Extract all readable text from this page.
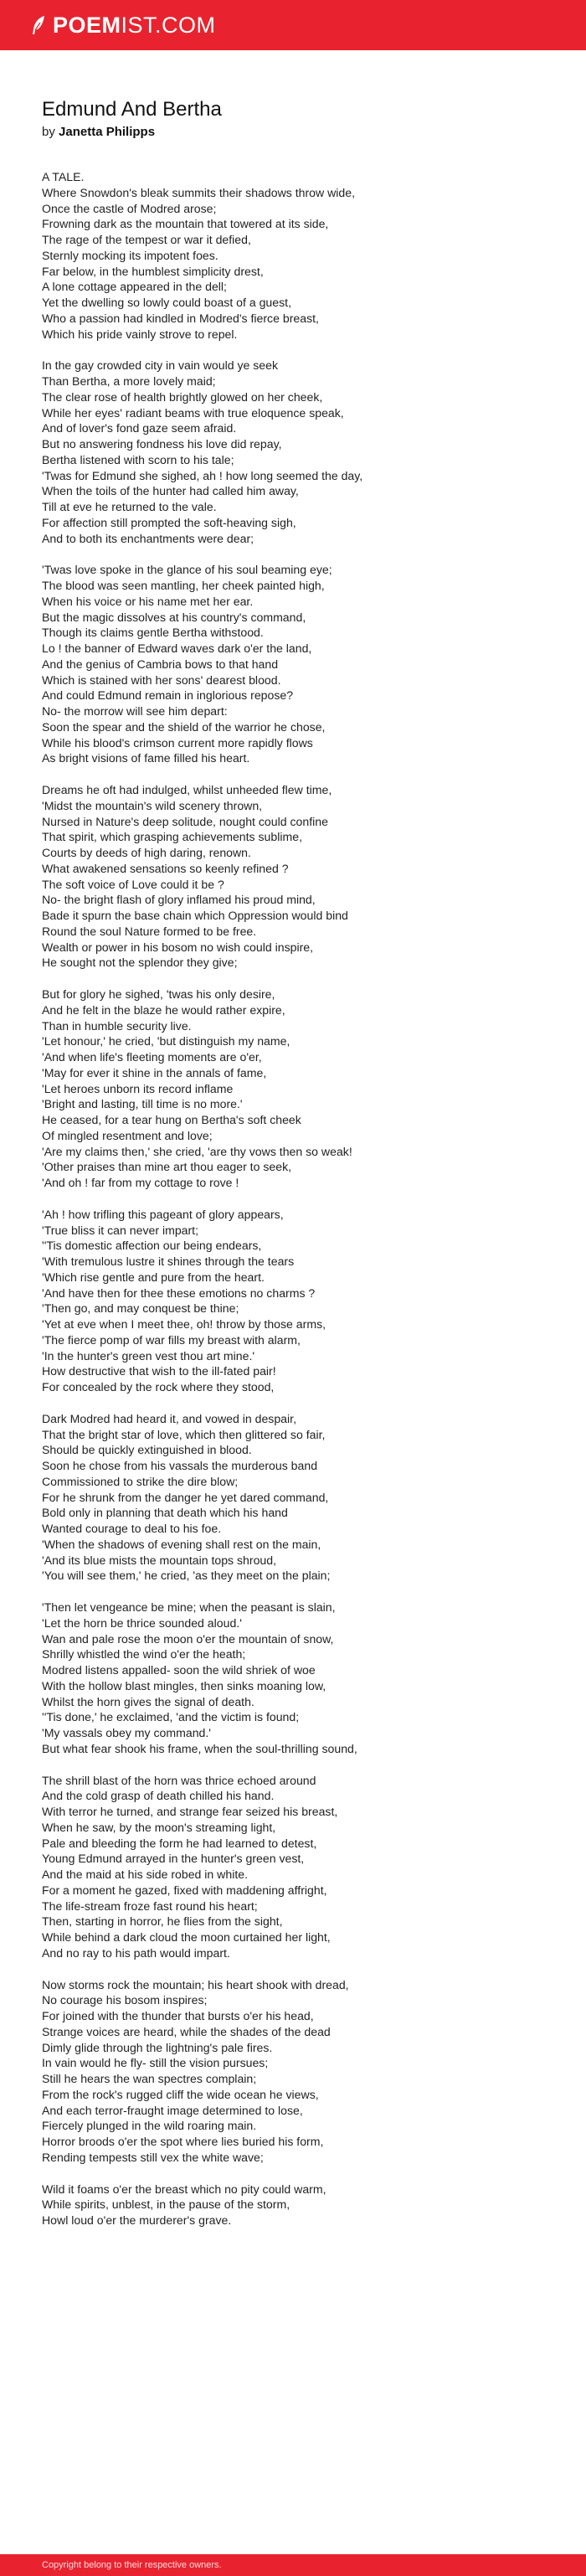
POEMIST.COM
Edmund And Bertha
by Janetta Philipps
A TALE.
Where Snowdon's bleak summits their shadows throw wide,
Once the castle of Modred arose;
Frowning dark as the mountain that towered at its side,
The rage of the tempest or war it defied,
Sternly mocking its impotent foes.
Far below, in the humblest simplicity drest,
A lone cottage appeared in the dell;
Yet the dwelling so lowly could boast of a guest,
Who a passion had kindled in Modred's fierce breast,
Which his pride vainly strove to repel.
In the gay crowded city in vain would ye seek
Than Bertha, a more lovely maid;
The clear rose of health brightly glowed on her cheek,
While her eyes' radiant beams with true eloquence speak,
And of lover's fond gaze seem afraid.
But no answering fondness his love did repay,
Bertha listened with scorn to his tale;
'Twas for Edmund she sighed, ah ! how long seemed the day,
When the toils of the hunter had called him away,
Till at eve he returned to the vale.
For affection still prompted the soft-heaving sigh,
And to both its enchantments were dear;
'Twas love spoke in the glance of his soul beaming eye;
The blood was seen mantling, her cheek painted high,
When his voice or his name met her ear.
But the magic dissolves at his country's command,
Though its claims gentle Bertha withstood.
Lo ! the banner of Edward waves dark o'er the land,
And the genius of Cambria bows to that hand
Which is stained with her sons' dearest blood.
And could Edmund remain in inglorious repose?
No- the morrow will see him depart:
Soon the spear and the shield of the warrior he chose,
While his blood's crimson current more rapidly flows
As bright visions of fame filled his heart.
Dreams he oft had indulged, whilst unheeded flew time,
'Midst the mountain's wild scenery thrown,
Nursed in Nature's deep solitude, nought could confine
That spirit, which grasping achievements sublime,
Courts by deeds of high daring, renown.
What awakened sensations so keenly refined ?
The soft voice of Love could it be ?
No- the bright flash of glory inflamed his proud mind,
Bade it spurn the base chain which Oppression would bind
Round the soul Nature formed to be free.
Wealth or power in his bosom no wish could inspire,
He sought not the splendor they give;
But for glory he sighed, 'twas his only desire,
And he felt in the blaze he would rather expire,
Than in humble security live.
'Let honour,' he cried, 'but distinguish my name,
'And when life's fleeting moments are o'er,
'May for ever it shine in the annals of fame,
'Let heroes unborn its record inflame
'Bright and lasting, till time is no more.'
He ceased, for a tear hung on Bertha's soft cheek
Of mingled resentment and love;
'Are my claims then,' she cried, 'are thy vows then so weak!
'Other praises than mine art thou eager to seek,
'And oh ! far from my cottage to rove !
'Ah ! how trifling this pageant of glory appears,
'True bliss it can never impart;
''Tis domestic affection our being endears,
'With tremulous lustre it shines through the tears
'Which rise gentle and pure from the heart.
'And have then for thee these emotions no charms ?
'Then go, and may conquest be thine;
'Yet at eve when I meet thee, oh! throw by those arms,
'The fierce pomp of war fills my breast with alarm,
'In the hunter's green vest thou art mine.'
How destructive that wish to the ill-fated pair!
For concealed by the rock where they stood,
Dark Modred had heard it, and vowed in despair,
That the bright star of love, which then glittered so fair,
Should be quickly extinguished in blood.
Soon he chose from his vassals the murderous band
Commissioned to strike the dire blow;
For he shrunk from the danger he yet dared command,
Bold only in planning that death which his hand
Wanted courage to deal to his foe.
'When the shadows of evening shall rest on the main,
'And its blue mists the mountain tops shroud,
'You will see them,' he cried, 'as they meet on the plain;
'Then let vengeance be mine; when the peasant is slain,
'Let the horn be thrice sounded aloud.'
Wan and pale rose the moon o'er the mountain of snow,
Shrilly whistled the wind o'er the heath;
Modred listens appalled- soon the wild shriek of woe
With the hollow blast mingles, then sinks moaning low,
Whilst the horn gives the signal of death.
''Tis done,' he exclaimed, 'and the victim is found;
'My vassals obey my command.'
But what fear shook his frame, when the soul-thrilling sound,
The shrill blast of the horn was thrice echoed around
And the cold grasp of death chilled his hand.
With terror he turned, and strange fear seized his breast,
When he saw, by the moon's streaming light,
Pale and bleeding the form he had learned to detest,
Young Edmund arrayed in the hunter's green vest,
And the maid at his side robed in white.
For a moment he gazed, fixed with maddening affright,
The life-stream froze fast round his heart;
Then, starting in horror, he flies from the sight,
While behind a dark cloud the moon curtained her light,
And no ray to his path would impart.
Now storms rock the mountain; his heart shook with dread,
No courage his bosom inspires;
For joined with the thunder that bursts o'er his head,
Strange voices are heard, while the shades of the dead
Dimly glide through the lightning's pale fires.
In vain would he fly- still the vision pursues;
Still he hears the wan spectres complain;
From the rock's rugged cliff the wide ocean he views,
And each terror-fraught image determined to lose,
Fiercely plunged in the wild roaring main.
Horror broods o'er the spot where lies buried his form,
Rending tempests still vex the white wave;
Wild it foams o'er the breast which no pity could warm,
While spirits, unblest, in the pause of the storm,
Howl loud o'er the murderer's grave.
Copyright belong to their respective owners.
